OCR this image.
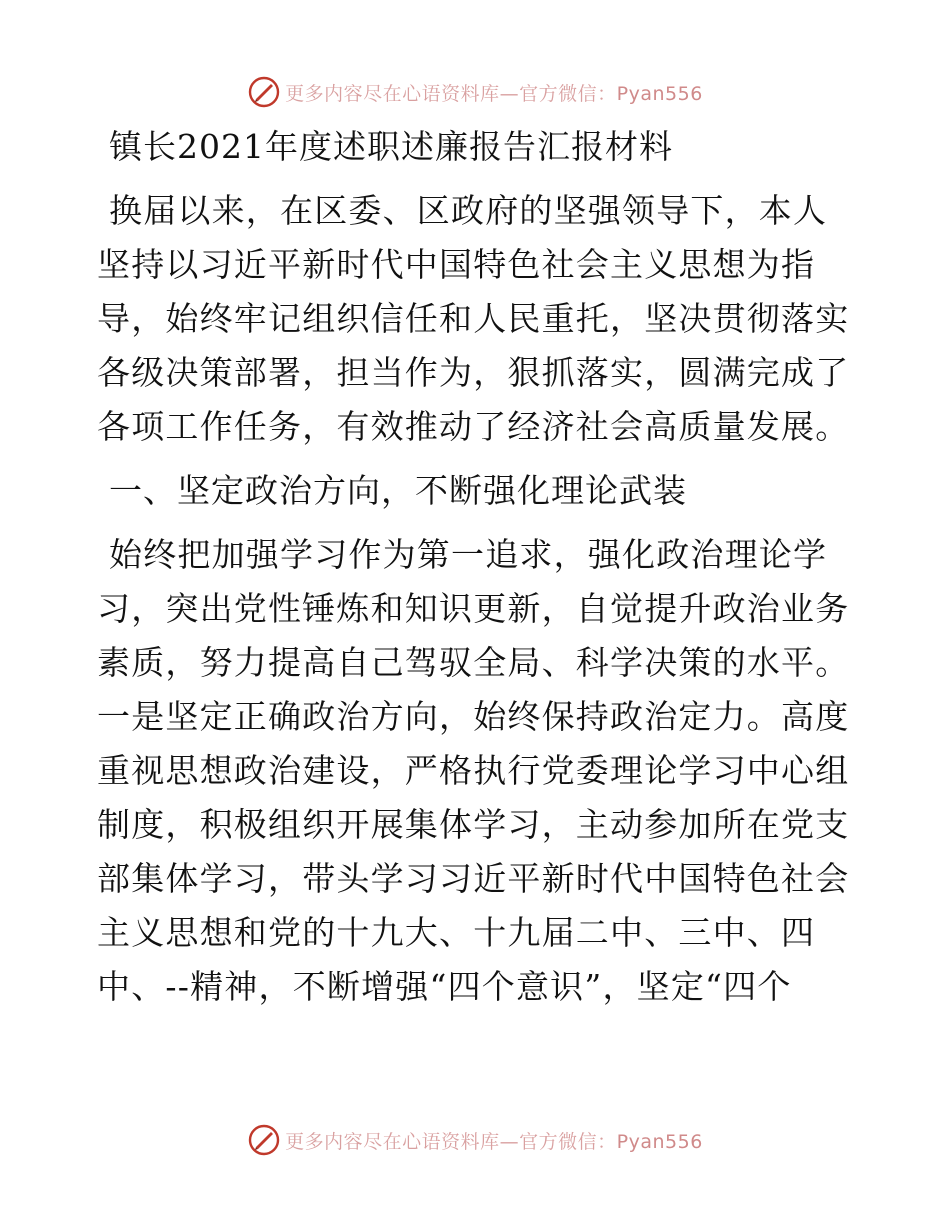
更多内容尽在心语资料库—官方微信：Pyan556
镇长2021年度述职述廉报告汇报材料

换届以来，在区委、区政府的坚强领导下，本人坚持以习近平新时代中国特色社会主义思想为指导，始终牢记组织信任和人民重托，坚决贯彻落实各级决策部署，担当作为，狠抓落实，圆满完成了各项工作任务，有效推动了经济社会高质量发展。

一、坚定政治方向，不断强化理论武装

始终把加强学习作为第一追求，强化政治理论学习，突出党性锤炼和知识更新，自觉提升政治业务素质，努力提高自己驾驭全局、科学决策的水平。一是坚定正确政治方向，始终保持政治定力。高度重视思想政治建设，严格执行党委理论学习中心组制度，积极组织开展集体学习，主动参加所在党支部集体学习，带头学习习近平新时代中国特色社会主义思想和党的十九大、十九届二中、三中、四中、--精神，不断增强“四个意识”，坚定“四个

更多内容尽在心语资料库—官方微信：Pyan556
